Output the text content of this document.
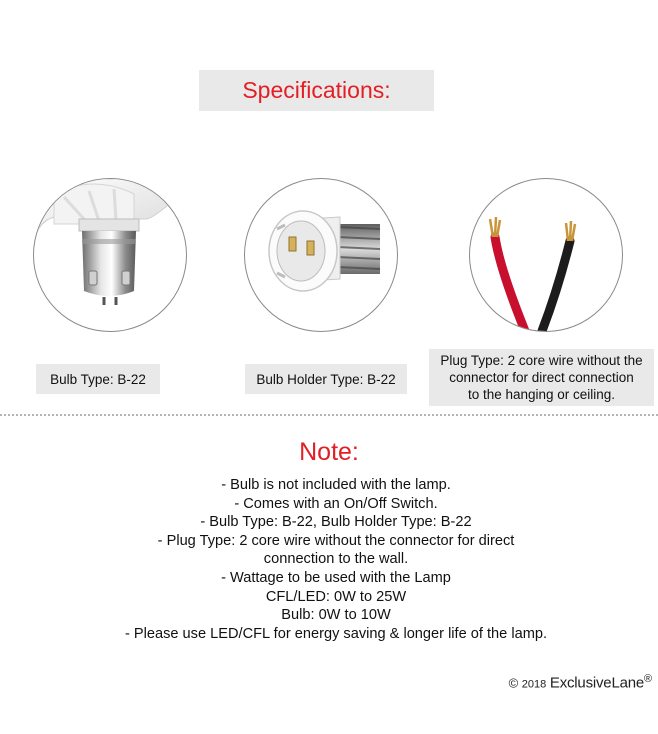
Specifications:
Bulb Type: B-22	Bulb Holder Type: B-22
Plug Type: 2 core wire without the
connector for direct connection
to the hanging or ceiling.
Note:
- Bulb is not included with the lamp.
- Comes with an On/Off Switch.
- Bulb Type: B-22, Bulb Holder Type: B-22
- Plug Type: 2 core wire without the connector for direct
connection to the wall.
- Wattage to be used with the Lamp
CFL/LED: 0W to 25W
Bulb: 0W to 10W
- Please use LED/CFL for energy saving & longer life of the lamp.
© 2018 ExclusiveLane®
